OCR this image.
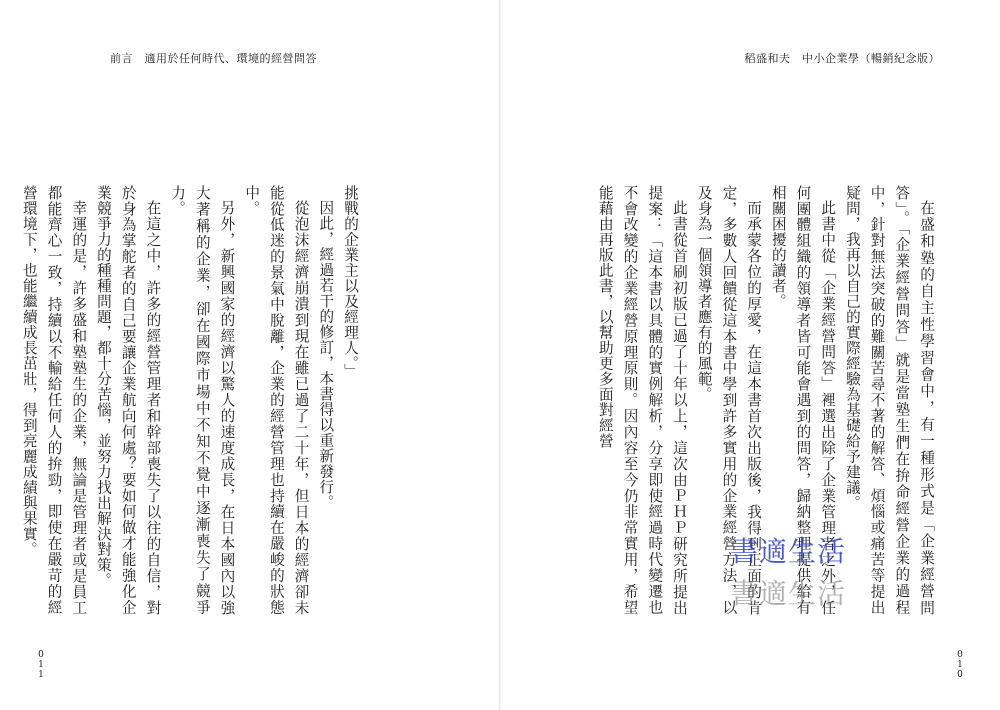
前言　適用於任何時代、環境的經營問答

挑戰的企業主以及經理人。」

因此，經過若干的修訂，本書得以重新發行。

從泡沫經濟崩潰到現在雖已過了二十年，但日本的經濟卻未能從低迷的景氣中脫離，企業的經營管理也持續在嚴峻的狀態中。

另外，新興國家的經濟以驚人的速度成長，在日本國內以強大著稱的企業，卻在國際市場中不知不覺中逐漸喪失了競爭力。

在這之中，許多的經營管理者和幹部喪失了以往的自信，對於身為掌舵者的自己要讓企業航向何處？要如何做才能強化企業競爭力的種種問題，都十分苦惱，並努力找出解決對策。

幸運的是，許多盛和塾塾生的企業，無論是管理者或是員工都能齊心一致，持續以不輸給任何人的拚勁，即使在嚴苛的經營環境下，也能繼續成長茁壯，得到亮麗成績與果實。

011
稻盛和夫　中小企業學（暢銷紀念版）

在盛和塾的自主性學習會中，有一種形式是「企業經營問答」。「企業經營問答」就是當塾生們在拚命經營企業的過程中，針對無法突破的難關苦尋不著的解答、煩惱或痛苦等提出疑問，我再以自己的實際經驗為基礎給予建議。

此書中從「企業經營問答」裡選出除了企業管理者之外，任何團體組織的領導者皆可能會遇到的問答，歸納整理提供給有相關困擾的讀者。

而承蒙各位的厚愛，在這本書首次出版後，我得到正面的肯定，多數人回饋從這本書中學到許多實用的企業經營方法，以及身為一個領導者應有的風範。

此書從首刷初版已過了十年以上，這次由ＰＨＰ研究所提出提案：「這本書以具體的實例解析，分享即使經過時代變遷也不會改變的企業經營原理原則。因內容至今仍非常實用，希望能藉由再版此書，以幫助更多面對經營

010
書適生活
書適生活
